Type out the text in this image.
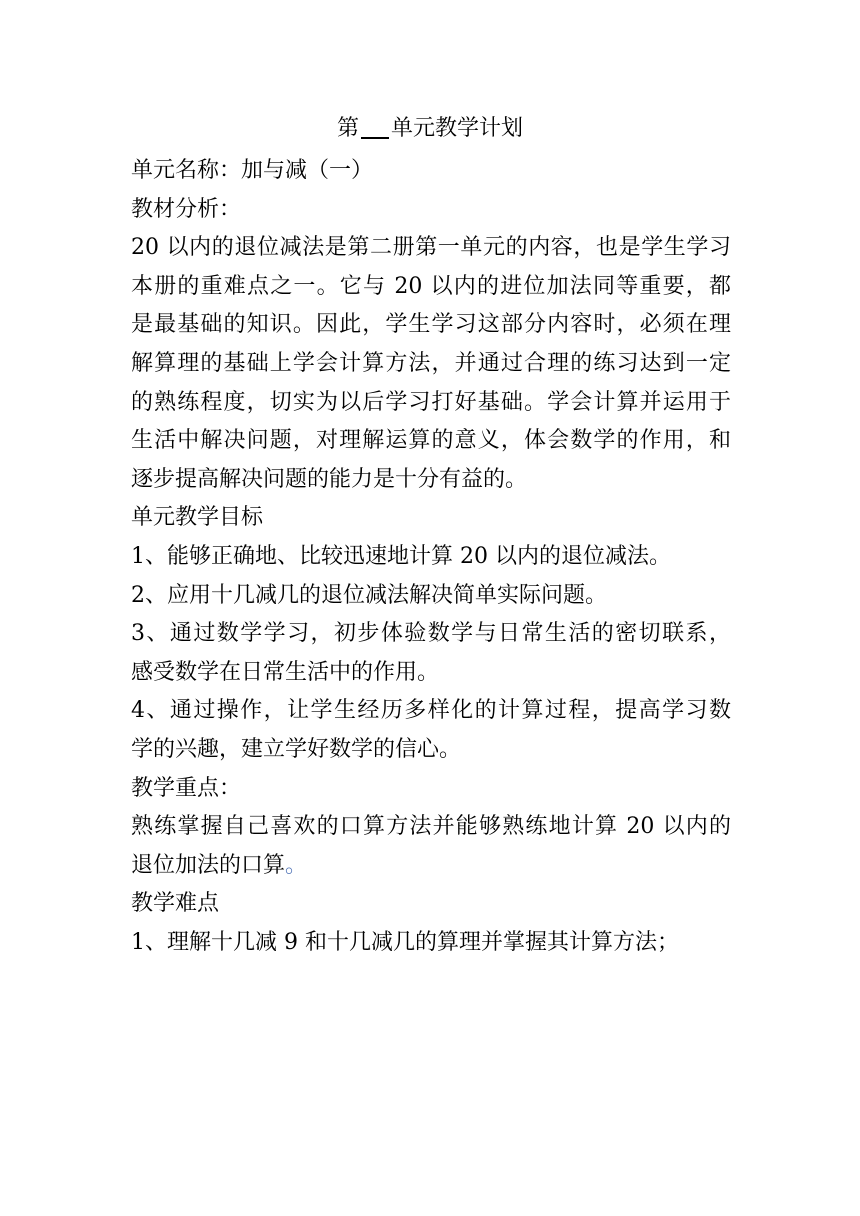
第 单元教学计划
单元名称：加与减（一）
教材分析：
20 以内的退位减法是第二册第一单元的内容，也是学生学习
本册的重难点之一。它与 20 以内的进位加法同等重要，都
是最基础的知识。因此，学生学习这部分内容时，必须在理
解算理的基础上学会计算方法，并通过合理的练习达到一定
的熟练程度，切实为以后学习打好基础。学会计算并运用于
生活中解决问题，对理解运算的意义，体会数学的作用，和
逐步提高解决问题的能力是十分有益的。
单元教学目标
1、能够正确地、比较迅速地计算 20 以内的退位减法。
2、应用十几减几的退位减法解决简单实际问题。
3、通过数学学习，初步体验数学与日常生活的密切联系，
感受数学在日常生活中的作用。
4、通过操作，让学生经历多样化的计算过程，提高学习数
学的兴趣，建立学好数学的信心。
教学重点：
熟练掌握自己喜欢的口算方法并能够熟练地计算 20 以内的
退位加法的口算。
教学难点
1、理解十几减 9 和十几减几的算理并掌握其计算方法；
